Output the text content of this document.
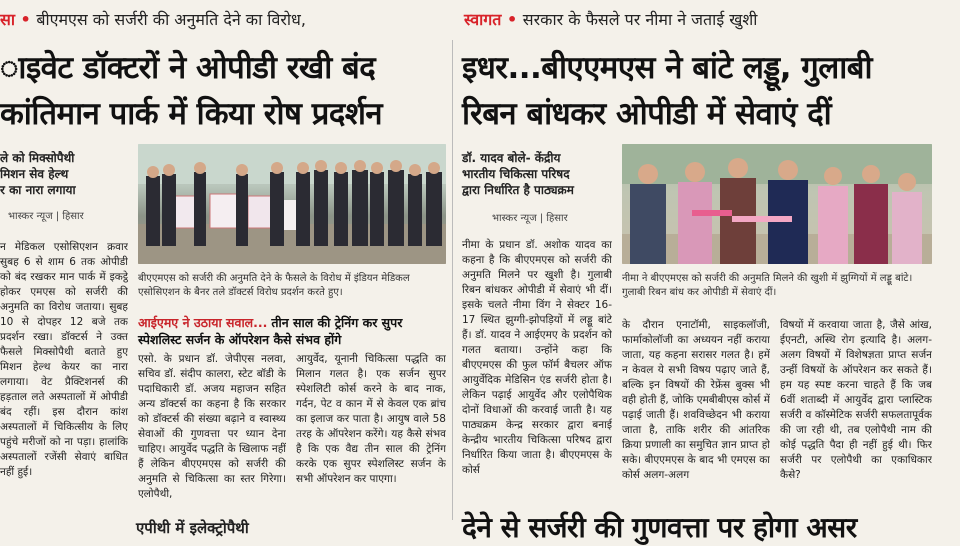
सा • बीएमएस को सर्जरी की अनुमति देने का विरोध,	स्वागत • सरकार के फैसले पर नीमा ने जताई खुशी
ाइवेट डॉक्टरों ने ओपीडी रखी बंद
कांतिमान पार्क में किया रोष प्रदर्शन
इधर...बीएएमएस ने बांटे लड्डू, गुलाबी
रिबन बांधकर ओपीडी में सेवाएं दीं
ले को मिक्सोपैथी
मिशन सेव हेल्थ
र का नारा लगाया
भास्कर न्यूज | हिसार
बीएएमएस को सर्जरी की अनुमति देने के फैसले के विरोध में इंडियन मेडिकल एसोसिएशन के बैनर तले डॉक्टर्स विरोध प्रदर्शन करते हुए।
आईएमए ने उठाया सवाल... तीन साल की ट्रेनिंग कर सुपर स्पेशलिस्ट सर्जन के ऑपरेशन कैसे संभव होंगे
न मेडिकल एसोसिएशन क्रवार सुबह 6 से शाम 6 तक ओपीडी को बंद रखकर मान पार्क में इकट्ठे होकर एमएस को सर्जरी की अनुमति का विरोध जताया। सुबह 10 से दोपहर 12 बजे तक प्रदर्शन रखा। डॉक्टर्स ने उक्त फैसले मिक्सोपैथी बताते हुए मिशन हेल्थ केयर का नारा लगाया। वेट प्रैक्टिशनर्स की हड़ताल लते अस्पतालों में ओपीडी बंद रहीं। इस दौरान कांश अस्पतालों में चिकित्सीय के लिए पहुंचे मरीजों को ना पड़ा। हालांकि अस्पतालों रजेंसी सेवाएं बाधित नहीं हुई।
एसो. के प्रधान डॉ. जेपीएस नलवा, सचिव डॉ. संदीप कालरा, स्टेट बॉडी के पदाधिकारी डॉ. अजय महाजन सहित अन्य डॉक्टर्स का कहना है कि सरकार को डॉक्टर्स की संख्या बढ़ाने व स्वास्थ्य सेवाओं की गुणवत्ता पर ध्यान देना चाहिए। आयुर्वेद पद्धति के खिलाफ नहीं हैं लेकिन बीएएमएस को सर्जरी की अनुमति से चिकित्सा का स्तर गिरेगा। एलोपैथी,
आयुर्वेद, यूनानी चिकित्सा पद्धति का मिलान गलत है। एक सर्जन सुपर स्पेशलिटी कोर्स करने के बाद नाक, गर्दन, पेट व कान में से केवल एक ब्रांच का इलाज कर पाता है। आयुष वाले 58 तरह के ऑपरेशन करेंगे। यह कैसे संभव है कि एक वैद्य तीन साल की ट्रेनिंग करके एक सुपर स्पेशलिस्ट सर्जन के सभी ऑपरेशन कर पाएगा।
डॉ. यादव बोले- केंद्रीय
भारतीय चिकित्सा परिषद
द्वारा निर्धारित है पाठ्यक्रम
भास्कर न्यूज | हिसार
नीमा ने बीएएमएस को सर्जरी की अनुमति मिलने की खुशी में झुग्गियों में लड्डू बांटे। गुलाबी रिबन बांध कर ओपीडी में सेवाएं दीं।
नीमा के प्रधान डॉ. अशोक यादव का कहना है कि बीएएमएस को सर्जरी की अनुमति मिलने पर खुशी है। गुलाबी रिबन बांधकर ओपीडी में सेवाएं भी दीं। इसके चलते नीमा विंग ने सेक्टर 16-17 स्थित झुग्गी-झोपड़ियों में लड्डू बांटे हैं। डॉ. यादव ने आईएमए के प्रदर्शन को गलत बताया। उन्होंने कहा कि बीएएमएस की फुल फॉर्म बैचलर ऑफ आयुर्वेदिक मेडिसिन एंड सर्जरी होता है। लेकिन पढ़ाई आयुर्वेद और एलोपैथिक दोनों विधाओं की करवाई जाती है। यह पाठ्यक्रम केन्द्र सरकार द्वारा बनाई केन्द्रीय भारतीय चिकित्सा परिषद द्वारा निर्धारित किया जाता है। बीएएमएस के कोर्स
के दौरान एनाटॉमी, साइकलॉजी, फार्माकोलॉजी का अध्ययन नहीं कराया जाता, यह कहना सरासर गलत है। हमें न केवल ये सभी विषय पढ़ाए जाते हैं, बल्कि इन विषयों की रेफ्रेंस बुक्स भी वही होती हैं, जोकि एमबीबीएस कोर्स में पढ़ाई जाती हैं। शवविच्छेदन भी कराया जाता है, ताकि शरीर की आंतरिक क्रिया प्रणाली का समुचित ज्ञान प्राप्त हो सके। बीएएमएस के बाद भी एमएस का कोर्स अलग-अलग
विषयों में करवाया जाता है, जैसे आंख, ईएनटी, अस्थि रोग इत्यादि है। अलग-अलग विषयों में विशेषज्ञता प्राप्त सर्जन उन्हीं विषयों के ऑपरेशन कर सकते हैं। हम यह स्पष्ट करना चाहते हैं कि जब 6वीं शताब्दी में आयुर्वेद द्वारा प्लास्टिक सर्जरी व कॉस्मेटिक सर्जरी सफलतापूर्वक की जा रही थी, तब एलोपैथी नाम की कोई पद्धति पैदा ही नहीं हुई थी। फिर सर्जरी पर एलोपैथी का एकाधिकार कैसे?
एपीथी में इलेक्ट्रोपैथी	देने से सर्जरी की गुणवत्ता पर होगा असर
